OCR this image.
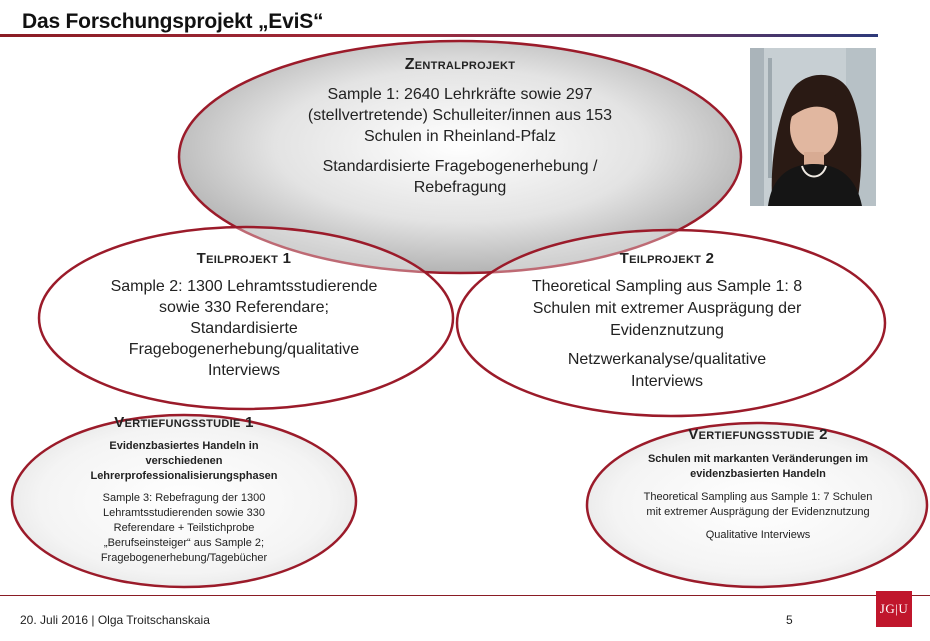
Das Forschungsprojekt „EviS“
Zentralprojekt

Sample 1: 2640 Lehrkräfte sowie 297 (stellvertretende) Schulleiter/innen aus 153 Schulen in Rheinland-Pfalz

Standardisierte Fragebogenerhebung / Rebefragung

Teilprojekt 1

Sample 2: 1300 Lehramtsstudierende sowie 330 Referendare; Standardisierte Fragebogenerhebung/qualitative Interviews

Teilprojekt 2

Theoretical Sampling aus Sample 1: 8 Schulen mit extremer Ausprägung der Evidenznutzung

Netzwerkanalyse/qualitative Interviews

Vertiefungsstudie 1

Evidenzbasiertes Handeln in verschiedenen Lehrerprofessionalisierungsphasen

Sample 3: Rebefragung der 1300 Lehramtsstudierenden sowie 330 Referendare + Teilstichprobe „Berufseinsteiger“ aus Sample 2; Fragebogenerhebung/Tagebücher

Vertiefungsstudie 2

Schulen mit markanten Veränderungen im evidenzbasierten Handeln

Theoretical Sampling aus Sample 1: 7 Schulen mit extremer Ausprägung der Evidenznutzung

Qualitative Interviews

20. Juli 2016 | Olga Troitschanskaia	5
JG|U
